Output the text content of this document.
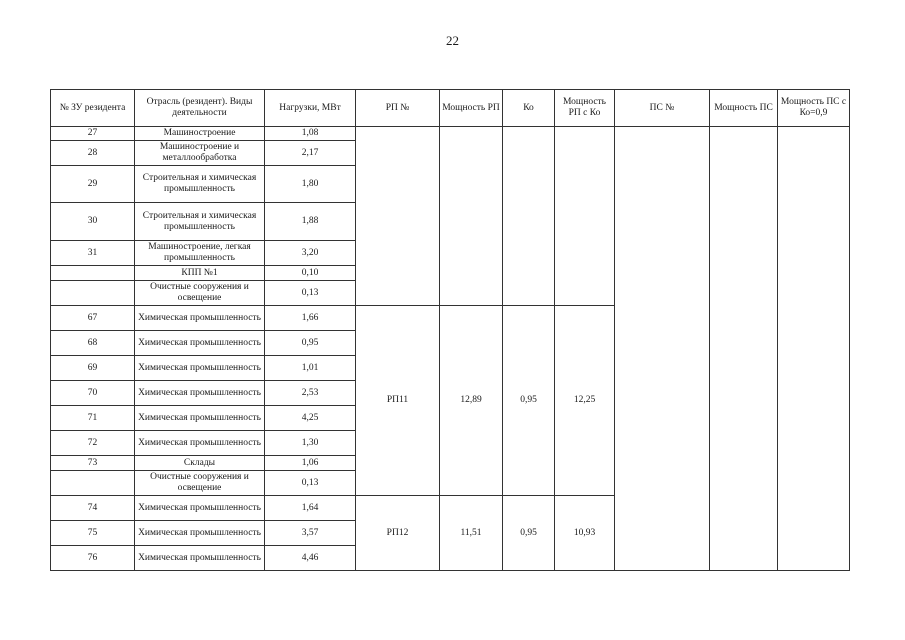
22
№ ЗУ резидента	Отрасль (резидент). Виды деятельности	Нагрузки, МВт	РП №	Мощность РП	Ко	Мощность РП с Ко	ПС №	Мощность ПС	Мощность ПС с Ко=0,9
27	Машиностроение	1,08							
28	Машиностроение и металлообработка	2,17							
29	Строительная и химическая промышленность	1,80							
30	Строительная и химическая промышленность	1,88							
31	Машиностроение, легкая промышленность	3,20							
	КПП №1	0,10							
	Очистные сооружения и освещение	0,13							
67	Химическая промышленность	1,66	РП11	12,89	0,95	12,25			
68	Химическая промышленность	0,95							
69	Химическая промышленность	1,01							
70	Химическая промышленность	2,53							
71	Химическая промышленность	4,25							
72	Химическая промышленность	1,30							
73	Склады	1,06							
	Очистные сооружения и освещение	0,13							
74	Химическая промышленность	1,64	РП12	11,51	0,95	10,93			
75	Химическая промышленность	3,57							
76	Химическая промышленность	4,46							
